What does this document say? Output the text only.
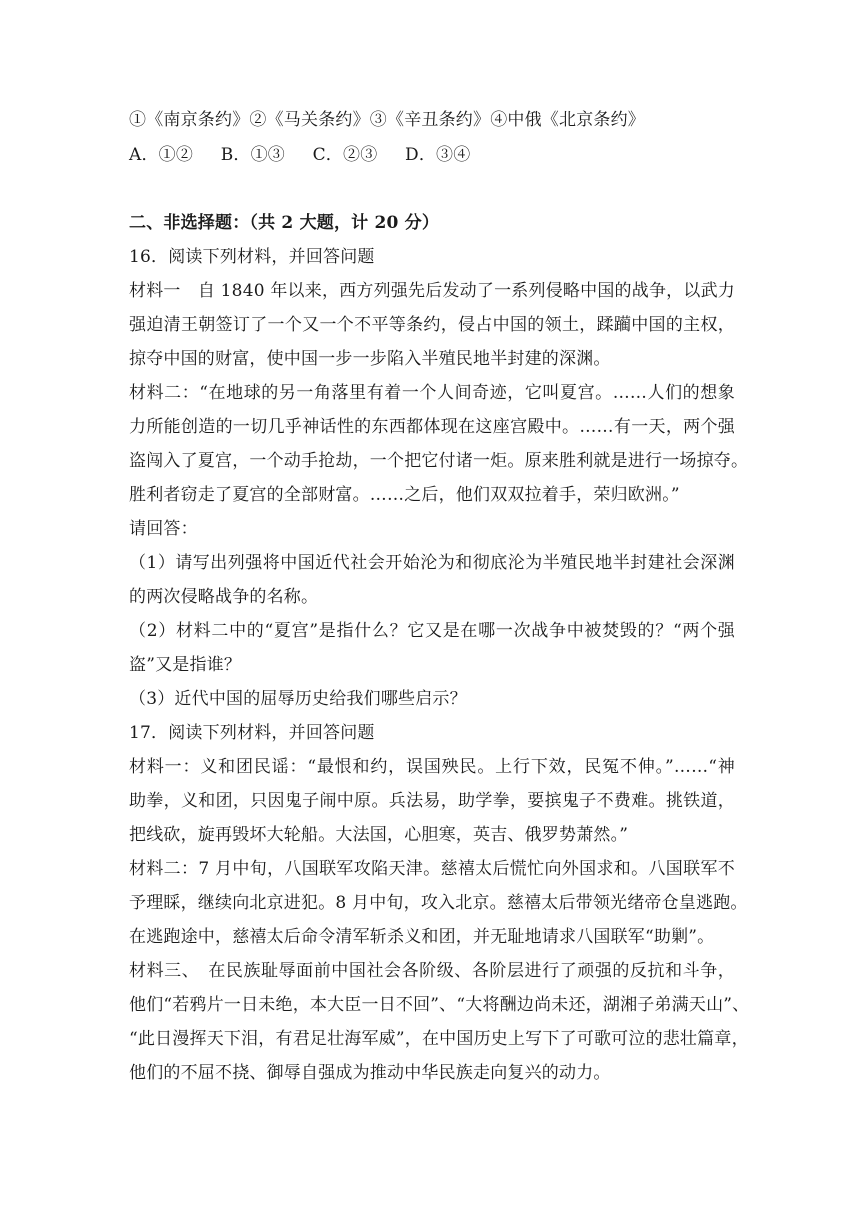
①《南京条约》②《马关条约》③《辛丑条约》④中俄《北京条约》
A．①② B．①③ C．②③ D．③④
二、非选择题：（共 2 大题，计 20 分）
16．阅读下列材料，并回答问题
材料一　自 1840 年以来，西方列强先后发动了一系列侵略中国的战争，以武力
强迫清王朝签订了一个又一个不平等条约，侵占中国的领土，蹂躏中国的主权，
掠夺中国的财富，使中国一步一步陷入半殖民地半封建的深渊。
材料二：“在地球的另一角落里有着一个人间奇迹，它叫夏宫。……人们的想象
力所能创造的一切几乎神话性的东西都体现在这座宫殿中。……有一天，两个强
盗闯入了夏宫，一个动手抢劫，一个把它付诸一炬。原来胜利就是进行一场掠夺。
胜利者窃走了夏宫的全部财富。……之后，他们双双拉着手，荣归欧洲。”
请回答：
（1）请写出列强将中国近代社会开始沦为和彻底沦为半殖民地半封建社会深渊
的两次侵略战争的名称。
（2）材料二中的“夏宫”是指什么？它又是在哪一次战争中被焚毁的？“两个强
盗”又是指谁？
（3）近代中国的屈辱历史给我们哪些启示？
17．阅读下列材料，并回答问题
材料一：义和团民谣：“最恨和约，误国殃民。上行下效，民冤不伸。”……“神
助拳，义和团，只因鬼子闹中原。兵法易，助学拳，要摈鬼子不费难。挑铁道，
把线砍，旋再毁坏大轮船。大法国，心胆寒，英吉、俄罗势萧然。”
材料二：7 月中旬，八国联军攻陷天津。慈禧太后慌忙向外国求和。八国联军不
予理睬，继续向北京进犯。8 月中旬，攻入北京。慈禧太后带领光绪帝仓皇逃跑。
在逃跑途中，慈禧太后命令清军斩杀义和团，并无耻地请求八国联军“助剿”。
材料三、　在民族耻辱面前中国社会各阶级、各阶层进行了顽强的反抗和斗争，
他们“若鸦片一日未绝，本大臣一日不回”、“大将酬边尚未还，湖湘子弟满天山”、
“此日漫挥天下泪，有君足壮海军威”，在中国历史上写下了可歌可泣的悲壮篇章，
他们的不屈不挠、御辱自强成为推动中华民族走向复兴的动力。
